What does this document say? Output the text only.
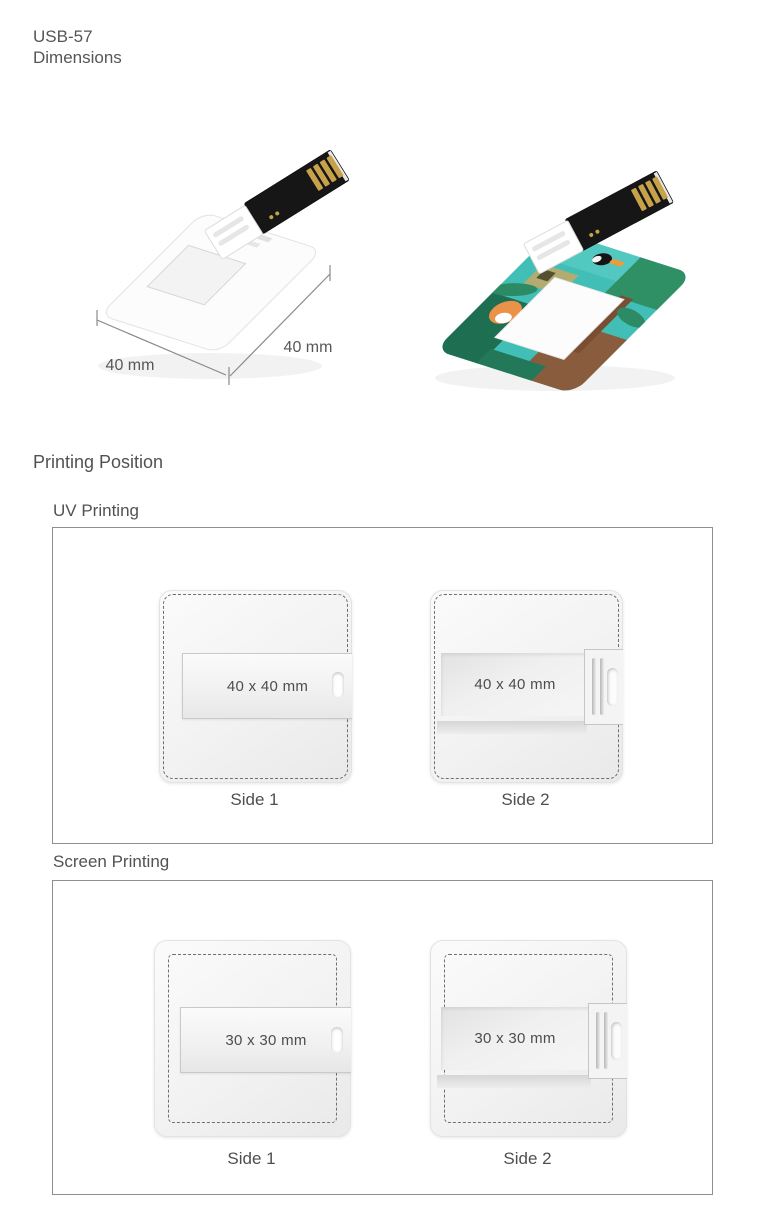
USB-57
Dimensions
40 mm
40 mm
Printing Position
UV Printing
40 x 40 mm
Side 1
40 x 40 mm
Side 2
Screen Printing
30 x 30 mm
Side 1
30 x 30 mm
Side 2
